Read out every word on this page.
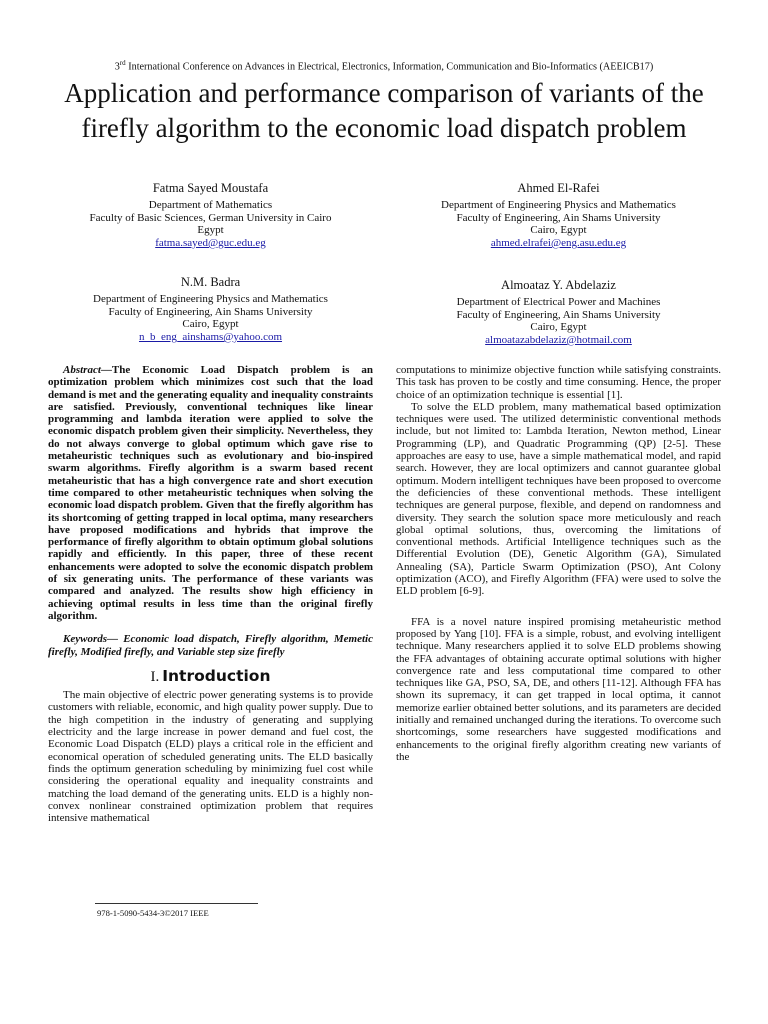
3rd International Conference on Advances in Electrical, Electronics, Information, Communication and Bio-Informatics (AEEICB17)
Application and performance comparison of variants of the firefly algorithm to the economic load dispatch problem
Fatma Sayed Moustafa
Department of Mathematics
Faculty of Basic Sciences, German University in Cairo
Egypt
fatma.sayed@guc.edu.eg
Ahmed El-Rafei
Department of Engineering Physics and Mathematics
Faculty of Engineering, Ain Shams University
Cairo, Egypt
ahmed.elrafei@eng.asu.edu.eg
N.M. Badra
Department of Engineering Physics and Mathematics
Faculty of Engineering, Ain Shams University
Cairo, Egypt
n_b_eng_ainshams@yahoo.com
Almoataz Y. Abdelaziz
Department of Electrical Power and Machines
Faculty of Engineering, Ain Shams University
Cairo, Egypt
almoatazabdelaziz@hotmail.com

Abstract—The Economic Load Dispatch problem is an optimization problem which minimizes cost such that the load demand is met and the generating equality and inequality constraints are satisfied. Previously, conventional techniques like linear programming and lambda iteration were applied to solve the economic dispatch problem given their simplicity. Nevertheless, they do not always converge to global optimum which gave rise to metaheuristic techniques such as evolutionary and bio-inspired swarm algorithms. Firefly algorithm is a swarm based recent metaheuristic that has a high convergence rate and short execution time compared to other metaheuristic techniques when solving the economic load dispatch problem. Given that the firefly algorithm has its shortcoming of getting trapped in local optima, many researchers have proposed modifications and hybrids that improve the performance of firefly algorithm to obtain optimum global solutions rapidly and efficiently. In this paper, three of these recent enhancements were adopted to solve the economic dispatch problem of six generating units. The performance of these variants was compared and analyzed. The results show high efficiency in achieving optimal results in less time than the original firefly algorithm.

Keywords— Economic load dispatch, Firefly algorithm, Memetic firefly, Modified firefly, and Variable step size firefly

I. Introduction

The main objective of electric power generating systems is to provide customers with reliable, economic, and high quality power supply. Due to the high competition in the industry of generating and supplying electricity and the large increase in power demand and fuel cost, the Economic Load Dispatch (ELD) plays a critical role in the efficient and economical operation of scheduled generating units. The ELD basically finds the optimum generation scheduling by minimizing fuel cost while considering the operational equality and inequality constraints and matching the load demand of the generating units. ELD is a highly non-convex nonlinear constrained optimization problem that requires intensive mathematical

computations to minimize objective function while satisfying constraints. This task has proven to be costly and time consuming. Hence, the proper choice of an optimization technique is essential [1].

To solve the ELD problem, many mathematical based optimization techniques were used. The utilized deterministic conventional methods include, but not limited to: Lambda Iteration, Newton method, Linear Programming (LP), and Quadratic Programming (QP) [2-5]. These approaches are easy to use, have a simple mathematical model, and rapid search. However, they are local optimizers and cannot guarantee global optimum. Modern intelligent techniques have been proposed to overcome the deficiencies of these conventional methods. These intelligent techniques are general purpose, flexible, and depend on randomness and diversity. They search the solution space more meticulously and reach global optimal solutions, thus, overcoming the limitations of conventional methods. Artificial Intelligence techniques such as the Differential Evolution (DE), Genetic Algorithm (GA), Simulated Annealing (SA), Particle Swarm Optimization (PSO), Ant Colony optimization (ACO), and Firefly Algorithm (FFA) were used to solve the ELD problem [6-9].

FFA is a novel nature inspired promising metaheuristic method proposed by Yang [10]. FFA is a simple, robust, and evolving intelligent technique. Many researchers applied it to solve ELD problems showing the FFA advantages of obtaining accurate optimal solutions with higher convergence rate and less computational time compared to other techniques like GA, PSO, SA, DE, and others [11-12]. Although FFA has shown its supremacy, it can get trapped in local optima, it cannot memorize earlier obtained better solutions, and its parameters are decided initially and remained unchanged during the iterations. To overcome such shortcomings, some researchers have suggested modifications and enhancements to the original firefly algorithm creating new variants of the

978-1-5090-5434-3©2017 IEEE
